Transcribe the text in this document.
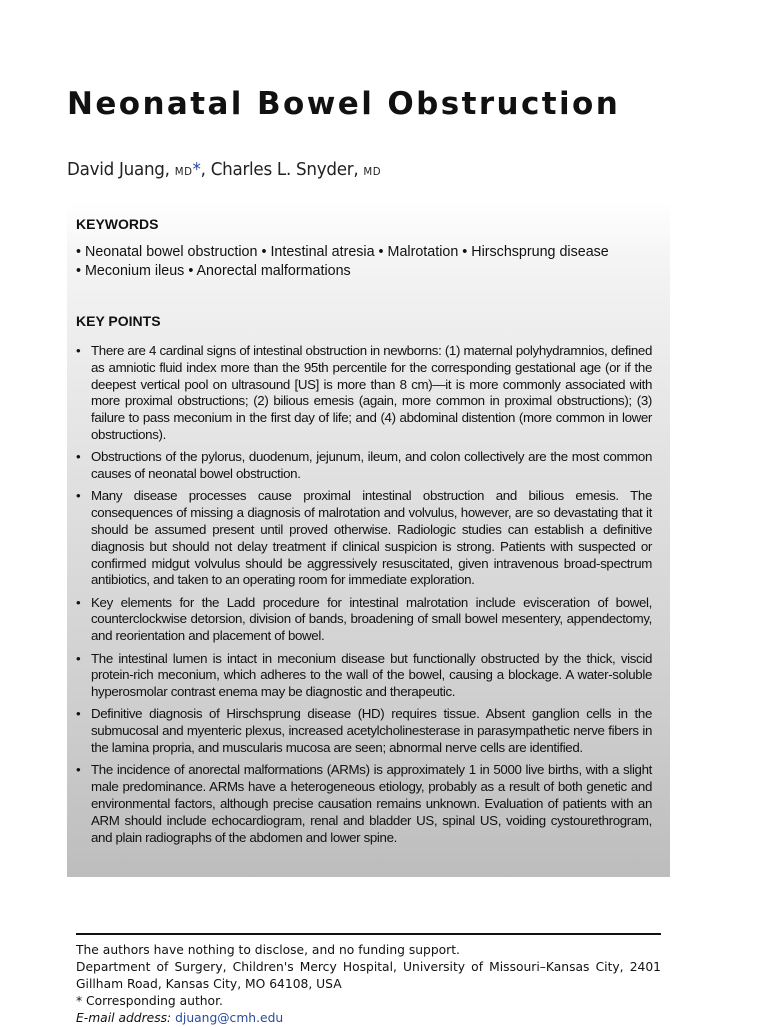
Neonatal Bowel Obstruction

David Juang, MD*, Charles L. Snyder, MD

KEYWORDS

• Neonatal bowel obstruction • Intestinal atresia • Malrotation • Hirschsprung disease • Meconium ileus • Anorectal malformations

KEY POINTS
• There are 4 cardinal signs of intestinal obstruction in newborns: (1) maternal polyhydramnios, defined as amniotic fluid index more than the 95th percentile for the corresponding gestational age (or if the deepest vertical pool on ultrasound [US] is more than 8 cm)—it is more commonly associated with more proximal obstructions; (2) bilious emesis (again, more common in proximal obstructions); (3) failure to pass meconium in the first day of life; and (4) abdominal distention (more common in lower obstructions).
• Obstructions of the pylorus, duodenum, jejunum, ileum, and colon collectively are the most common causes of neonatal bowel obstruction.
• Many disease processes cause proximal intestinal obstruction and bilious emesis. The consequences of missing a diagnosis of malrotation and volvulus, however, are so devastating that it should be assumed present until proved otherwise. Radiologic studies can establish a definitive diagnosis but should not delay treatment if clinical suspicion is strong. Patients with suspected or confirmed midgut volvulus should be aggressively resuscitated, given intravenous broad-spectrum antibiotics, and taken to an operating room for immediate exploration.
• Key elements for the Ladd procedure for intestinal malrotation include evisceration of bowel, counterclockwise detorsion, division of bands, broadening of small bowel mesentery, appendectomy, and reorientation and placement of bowel.
• The intestinal lumen is intact in meconium disease but functionally obstructed by the thick, viscid protein-rich meconium, which adheres to the wall of the bowel, causing a blockage. A water-soluble hyperosmolar contrast enema may be diagnostic and therapeutic.
• Definitive diagnosis of Hirschsprung disease (HD) requires tissue. Absent ganglion cells in the submucosal and myenteric plexus, increased acetylcholinesterase in parasympathetic nerve fibers in the lamina propria, and muscularis mucosa are seen; abnormal nerve cells are identified.
• The incidence of anorectal malformations (ARMs) is approximately 1 in 5000 live births, with a slight male predominance. ARMs have a heterogeneous etiology, probably as a result of both genetic and environmental factors, although precise causation remains unknown. Evaluation of patients with an ARM should include echocardiogram, renal and bladder US, spinal US, voiding cystourethrogram, and plain radiographs of the abdomen and lower spine.

The authors have nothing to disclose, and no funding support.

Department of Surgery, Children's Mercy Hospital, University of Missouri–Kansas City, 2401 Gillham Road, Kansas City, MO 64108, USA

* Corresponding author.

E-mail address: djuang@cmh.edu
